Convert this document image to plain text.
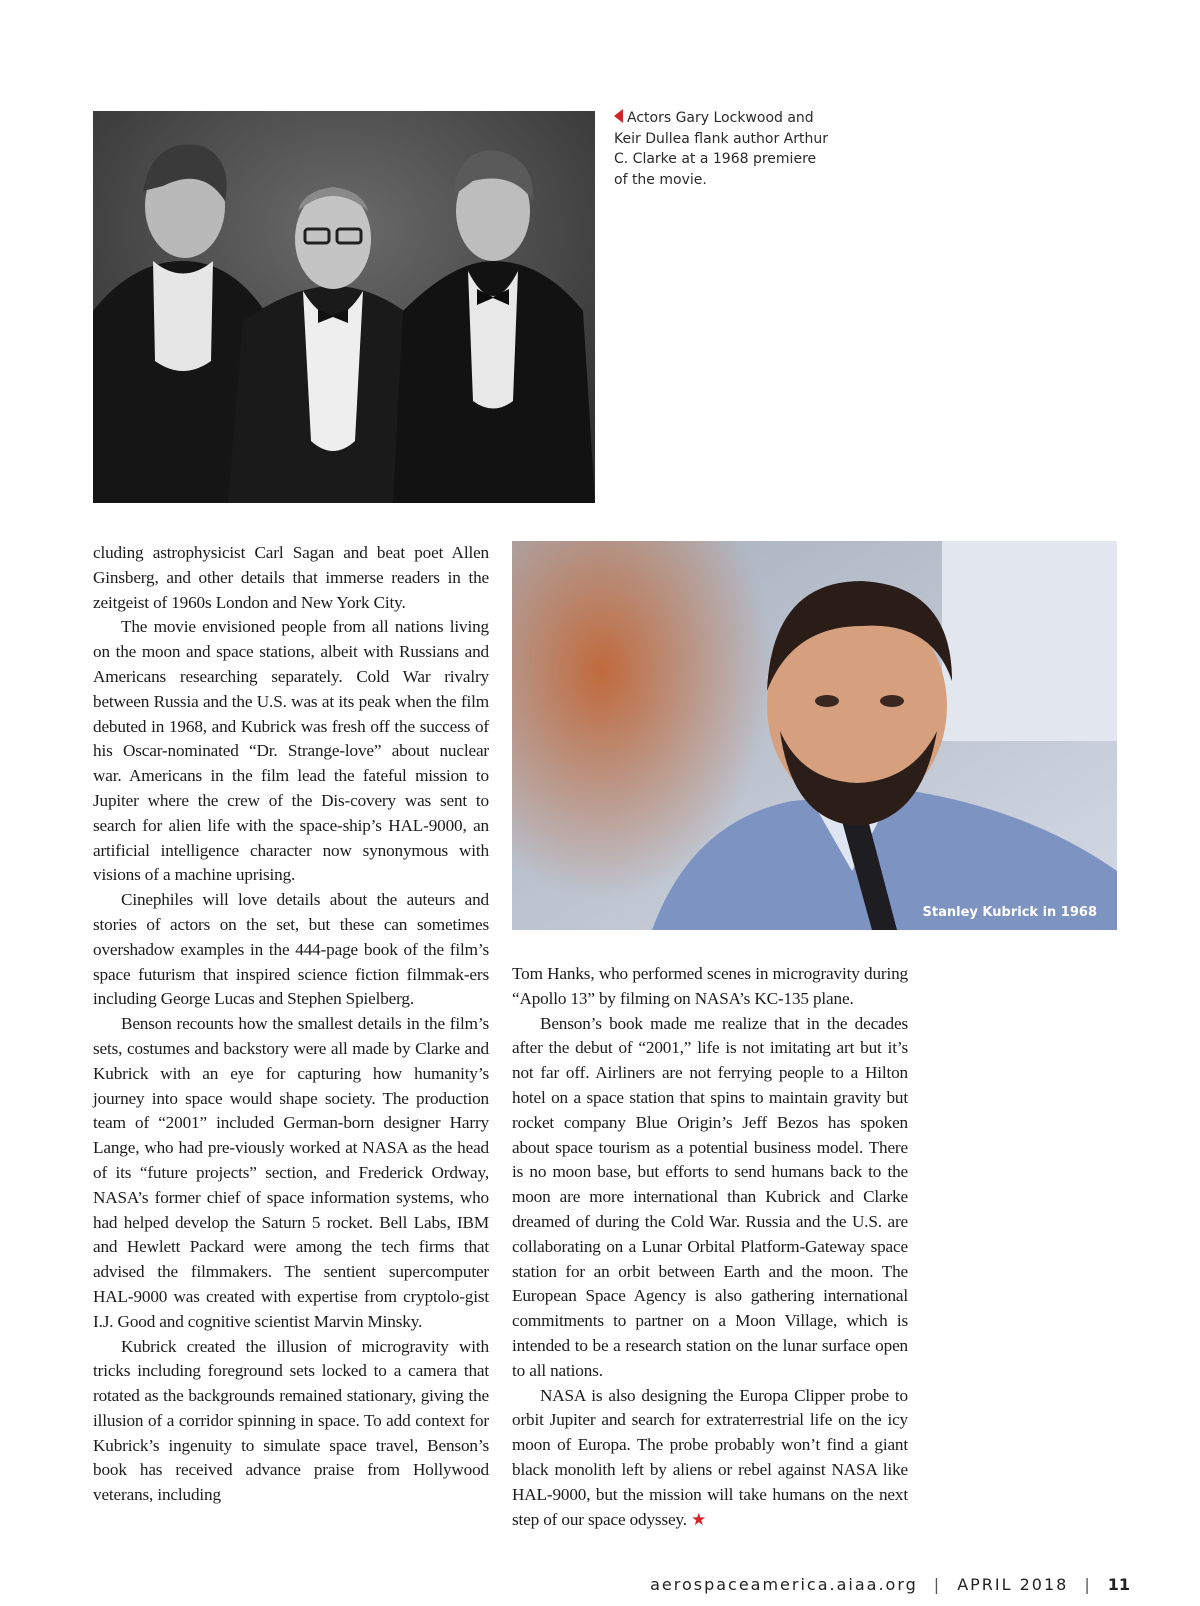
Actors Gary Lockwood and Keir Dullea flank author Arthur C. Clarke at a 1968 premiere of the movie.
Stanley Kubrick in 1968

cluding astrophysicist Carl Sagan and beat poet Allen Ginsberg, and other details that immerse readers in the zeitgeist of 1960s London and New York City.

The movie envisioned people from all nations living on the moon and space stations, albeit with Russians and Americans researching separately. Cold War rivalry between Russia and the U.S. was at its peak when the film debuted in 1968, and Kubrick was fresh off the success of his Oscar-nominated “Dr. Strange-love” about nuclear war. Americans in the film lead the fateful mission to Jupiter where the crew of the Dis-covery was sent to search for alien life with the space-ship’s HAL-9000, an artificial intelligence character now synonymous with visions of a machine uprising.

Cinephiles will love details about the auteurs and stories of actors on the set, but these can sometimes overshadow examples in the 444-page book of the film’s space futurism that inspired science fiction filmmak-ers including George Lucas and Stephen Spielberg.

Benson recounts how the smallest details in the film’s sets, costumes and backstory were all made by Clarke and Kubrick with an eye for capturing how humanity’s journey into space would shape society. The production team of “2001” included German-born designer Harry Lange, who had pre-viously worked at NASA as the head of its “future projects” section, and Frederick Ordway, NASA’s former chief of space information systems, who had helped develop the Saturn 5 rocket. Bell Labs, IBM and Hewlett Packard were among the tech firms that advised the filmmakers. The sentient supercomputer HAL-9000 was created with expertise from cryptolo-gist I.J. Good and cognitive scientist Marvin Minsky.

Kubrick created the illusion of microgravity with tricks including foreground sets locked to a camera that rotated as the backgrounds remained stationary, giving the illusion of a corridor spinning in space. To add context for Kubrick’s ingenuity to simulate space travel, Benson’s book has received advance praise from Hollywood veterans, including

Tom Hanks, who performed scenes in microgravity during “Apollo 13” by filming on NASA’s KC-135 plane.

Benson’s book made me realize that in the decades after the debut of “2001,” life is not imitating art but it’s not far off. Airliners are not ferrying people to a Hilton hotel on a space station that spins to maintain gravity but rocket company Blue Origin’s Jeff Bezos has spoken about space tourism as a potential business model. There is no moon base, but efforts to send humans back to the moon are more international than Kubrick and Clarke dreamed of during the Cold War. Russia and the U.S. are collaborating on a Lunar Orbital Platform-Gateway space station for an orbit between Earth and the moon. The European Space Agency is also gathering international commitments to partner on a Moon Village, which is intended to be a research station on the lunar surface open to all nations.

NASA is also designing the Europa Clipper probe to orbit Jupiter and search for extraterrestrial life on the icy moon of Europa. The probe probably won’t find a giant black monolith left by aliens or rebel against NASA like HAL-9000, but the mission will take humans on the next step of our space odyssey. ★

aerospaceamerica.aiaa.org | APRIL 2018 | 11
